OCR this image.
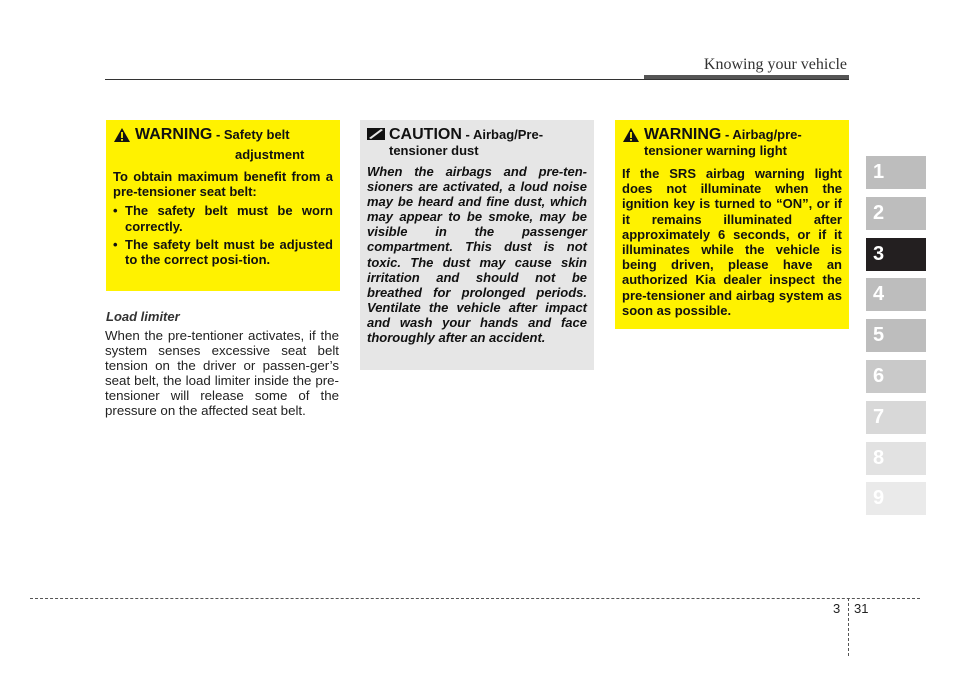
Knowing your vehicle
WARNING - Safety belt
adjustment
To obtain maximum benefit from a pre-tensioner seat belt:
• The safety belt must be worn correctly.
• The safety belt must be adjusted to the correct posi-tion.
Load limiter
When the pre-tentioner activates, if the system senses excessive seat belt tension on the driver or passen-ger’s seat belt, the load limiter inside the pre-tensioner will release some of the pressure on the affected seat belt.
CAUTION - Airbag/Pre-tensioner dust
When the airbags and pre-ten-sioners are activated, a loud noise may be heard and fine dust, which may appear to be smoke, may be visible in the passenger compartment. This dust is not toxic. The dust may cause skin irritation and should not be breathed for prolonged periods. Ventilate the vehicle after impact and wash your hands and face thoroughly after an accident.
WARNING - Airbag/pre-tensioner warning light
If the SRS airbag warning light does not illuminate when the ignition key is turned to “ON”, or if it remains illuminated after approximately 6 seconds, or if it illuminates while the vehicle is being driven, please have an authorized Kia dealer inspect the pre-tensioner and airbag system as soon as possible.
1
2
3
4
5
6
7
8
9
3 31
